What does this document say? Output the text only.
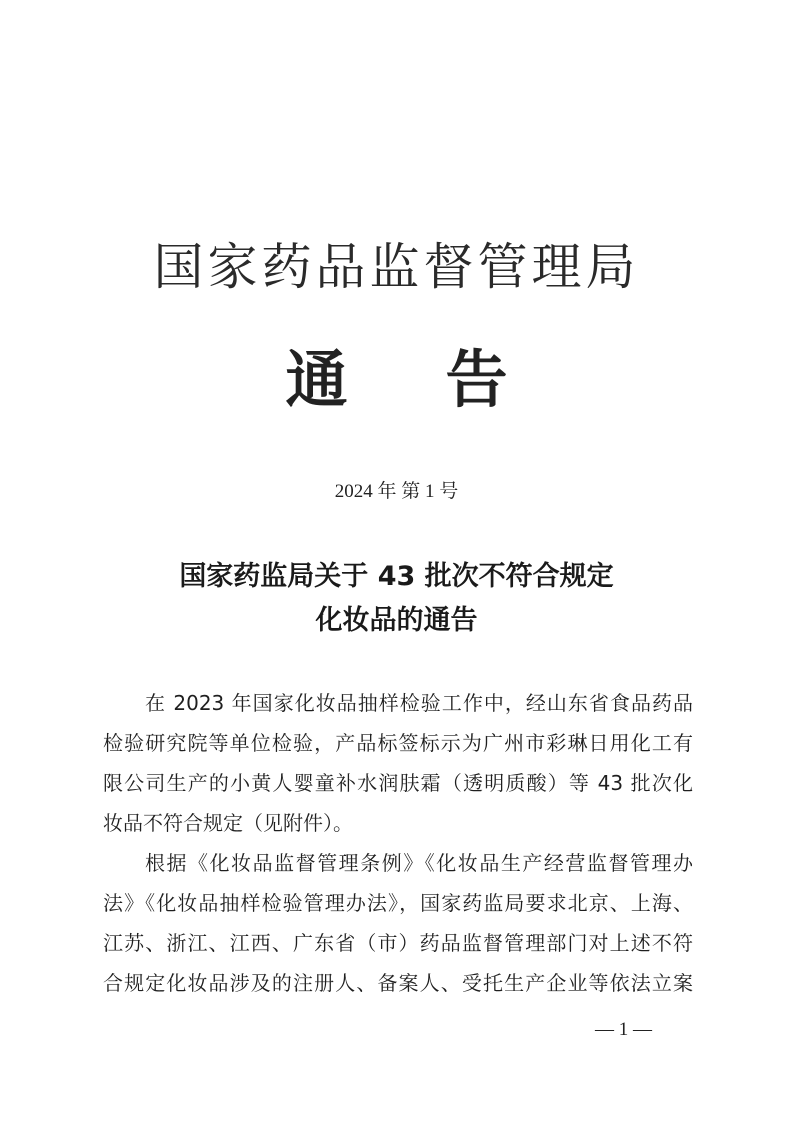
国家药品监督管理局
通 告
2024 年 第 1 号
国家药监局关于 43 批次不符合规定
化妆品的通告
在 2023 年国家化妆品抽样检验工作中，经山东省食品药品
检验研究院等单位检验，产品标签标示为广州市彩琳日用化工有
限公司生产的小黄人婴童补水润肤霜（透明质酸）等 43 批次化
妆品不符合规定（见附件）。
根据《化妆品监督管理条例》《化妆品生产经营监督管理办
法》《化妆品抽样检验管理办法》，国家药监局要求北京、上海、
江苏、浙江、江西、广东省（市）药品监督管理部门对上述不符
合规定化妆品涉及的注册人、备案人、受托生产企业等依法立案
— 1 —
